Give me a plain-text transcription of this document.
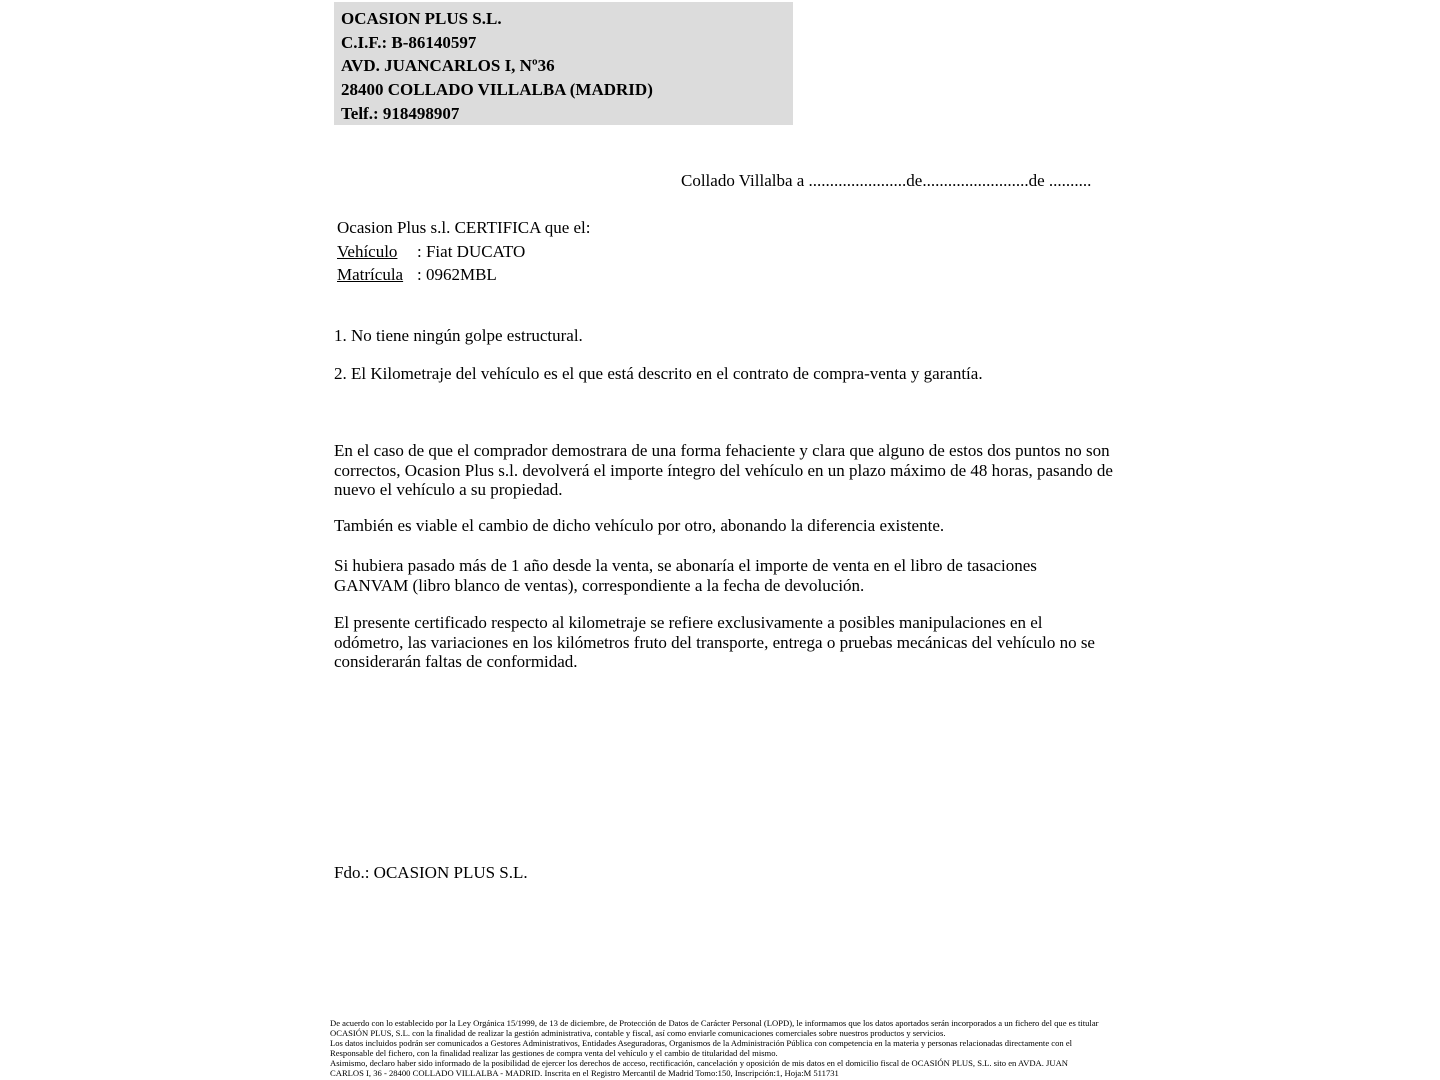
OCASION PLUS S.L.
C.I.F.: B-86140597
AVD. JUANCARLOS I, Nº36
28400 COLLADO VILLALBA (MADRID)
Telf.: 918498907
Collado Villalba a .......................de.........................de ..........
Ocasion Plus s.l. CERTIFICA que el:
Vehículo : Fiat DUCATO
Matrícula : 0962MBL
1. No tiene ningún golpe estructural.
2. El Kilometraje del vehículo es el que está descrito en el contrato de compra-venta y garantía.
En el caso de que el comprador demostrara de una forma fehaciente y clara que alguno de estos dos puntos no son correctos, Ocasion Plus s.l. devolverá el importe íntegro del vehículo en un plazo máximo de 48 horas, pasando de nuevo el vehículo a su propiedad.
También es viable el cambio de dicho vehículo por otro, abonando la diferencia existente.
Si hubiera pasado más de 1 año desde la venta, se abonaría el importe de venta en el libro de tasaciones GANVAM (libro blanco de ventas), correspondiente a la fecha de devolución.
El presente certificado respecto al kilometraje se refiere exclusivamente a posibles manipulaciones en el odómetro, las variaciones en los kilómetros fruto del transporte, entrega o pruebas mecánicas del vehículo no se considerarán faltas de conformidad.
Fdo.: OCASION PLUS S.L.
De acuerdo con lo establecido por la Ley Orgánica 15/1999, de 13 de diciembre, de Protección de Datos de Carácter Personal (LOPD), le informamos que los datos aportados serán incorporados a un fichero del que es titular
OCASIÓN PLUS, S.L. con la finalidad de realizar la gestión administrativa, contable y fiscal, así como enviarle comunicaciones comerciales sobre nuestros productos y servicios.
Los datos incluidos podrán ser comunicados a Gestores Administrativos, Entidades Aseguradoras, Organismos de la Administración Pública con competencia en la materia y personas relacionadas directamente con el
Responsable del fichero, con la finalidad realizar las gestiones de compra venta del vehículo y el cambio de titularidad del mismo.
Asimismo, declaro haber sido informado de la posibilidad de ejercer los derechos de acceso, rectificación, cancelación y oposición de mis datos en el domicilio fiscal de OCASIÓN PLUS, S.L. sito en AVDA. JUAN
CARLOS I, 36 - 28400 COLLADO VILLALBA - MADRID. Inscrita en el Registro Mercantil de Madrid Tomo:150, Inscripción:1, Hoja:M 511731
